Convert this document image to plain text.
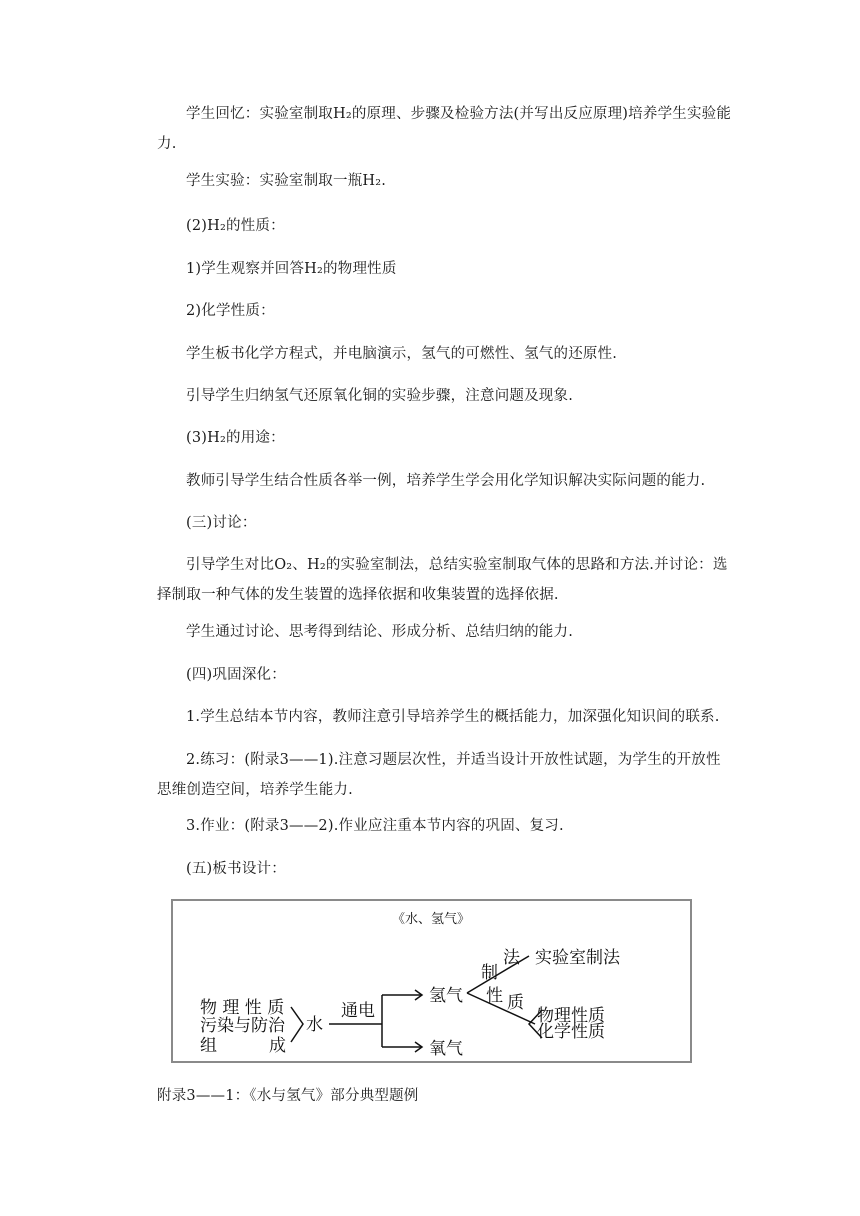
学生回忆：实验室制取H₂的原理、步骤及检验方法(并写出反应原理)培养学生实验能力.

学生实验：实验室制取一瓶H₂.

(2)H₂的性质：

1)学生观察并回答H₂的物理性质

2)化学性质：

学生板书化学方程式，并电脑演示，氢气的可燃性、氢气的还原性.

引导学生归纳氢气还原氧化铜的实验步骤，注意问题及现象.

(3)H₂的用途：

教师引导学生结合性质各举一例，培养学生学会用化学知识解决实际问题的能力.

(三)讨论：

引导学生对比O₂、H₂的实验室制法，总结实验室制取气体的思路和方法.并讨论：选择制取一种气体的发生装置的选择依据和收集装置的选择依据.

学生通过讨论、思考得到结论、形成分析、总结归纳的能力.

(四)巩固深化：

1.学生总结本节内容，教师注意引导培养学生的概括能力，加深强化知识间的联系.

2.练习：(附录3——1).注意习题层次性，并适当设计开放性试题，为学生的开放性思维创造空间，培养学生能力.

3.作业：(附录3——2).作业应注重本节内容的巩固、复习.

(五)板书设计：

《水、氢气》
物 理 性 质
污染与防治
组	成
水
通电
氢气
氧气
制
法 实验室制法
性 质
物理性质
化学性质

附录3——1：《水与氢气》部分典型题例
